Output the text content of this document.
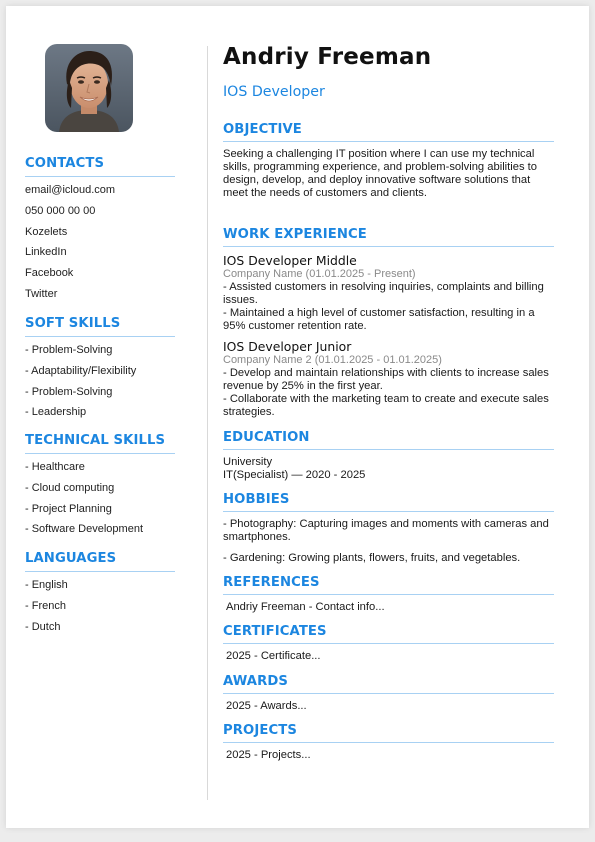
CONTACTS
email@icloud.com
050 000 00 00
Kozelets
LinkedIn
Facebook
Twitter
SOFT SKILLS
- Problem-Solving
- Adaptability/Flexibility
- Problem-Solving
- Leadership
TECHNICAL SKILLS
- Healthcare
- Cloud computing
- Project Planning
- Software Development
LANGUAGES
- English
- French
- Dutch
Andriy Freeman
IOS Developer
OBJECTIVE
Seeking a challenging IT position where I can use my technical skills, programming experience, and problem-solving abilities to design, develop, and deploy innovative software solutions that meet the needs of customers and clients.
WORK EXPERIENCE
IOS Developer Middle
Company Name (01.01.2025 - Present)
- Assisted customers in resolving inquiries, complaints and billing issues.
- Maintained a high level of customer satisfaction, resulting in a 95% customer retention rate.
IOS Developer Junior
Company Name 2 (01.01.2025 - 01.01.2025)
- Develop and maintain relationships with clients to increase sales revenue by 25% in the first year.
- Collaborate with the marketing team to create and execute sales strategies.
EDUCATION
University
IT(Specialist) — 2020 - 2025
HOBBIES
- Photography: Capturing images and moments with cameras and smartphones.
- Gardening: Growing plants, flowers, fruits, and vegetables.
REFERENCES
Andriy Freeman - Contact info...
CERTIFICATES
2025 - Certificate...
AWARDS
2025 - Awards...
PROJECTS
2025 - Projects...
